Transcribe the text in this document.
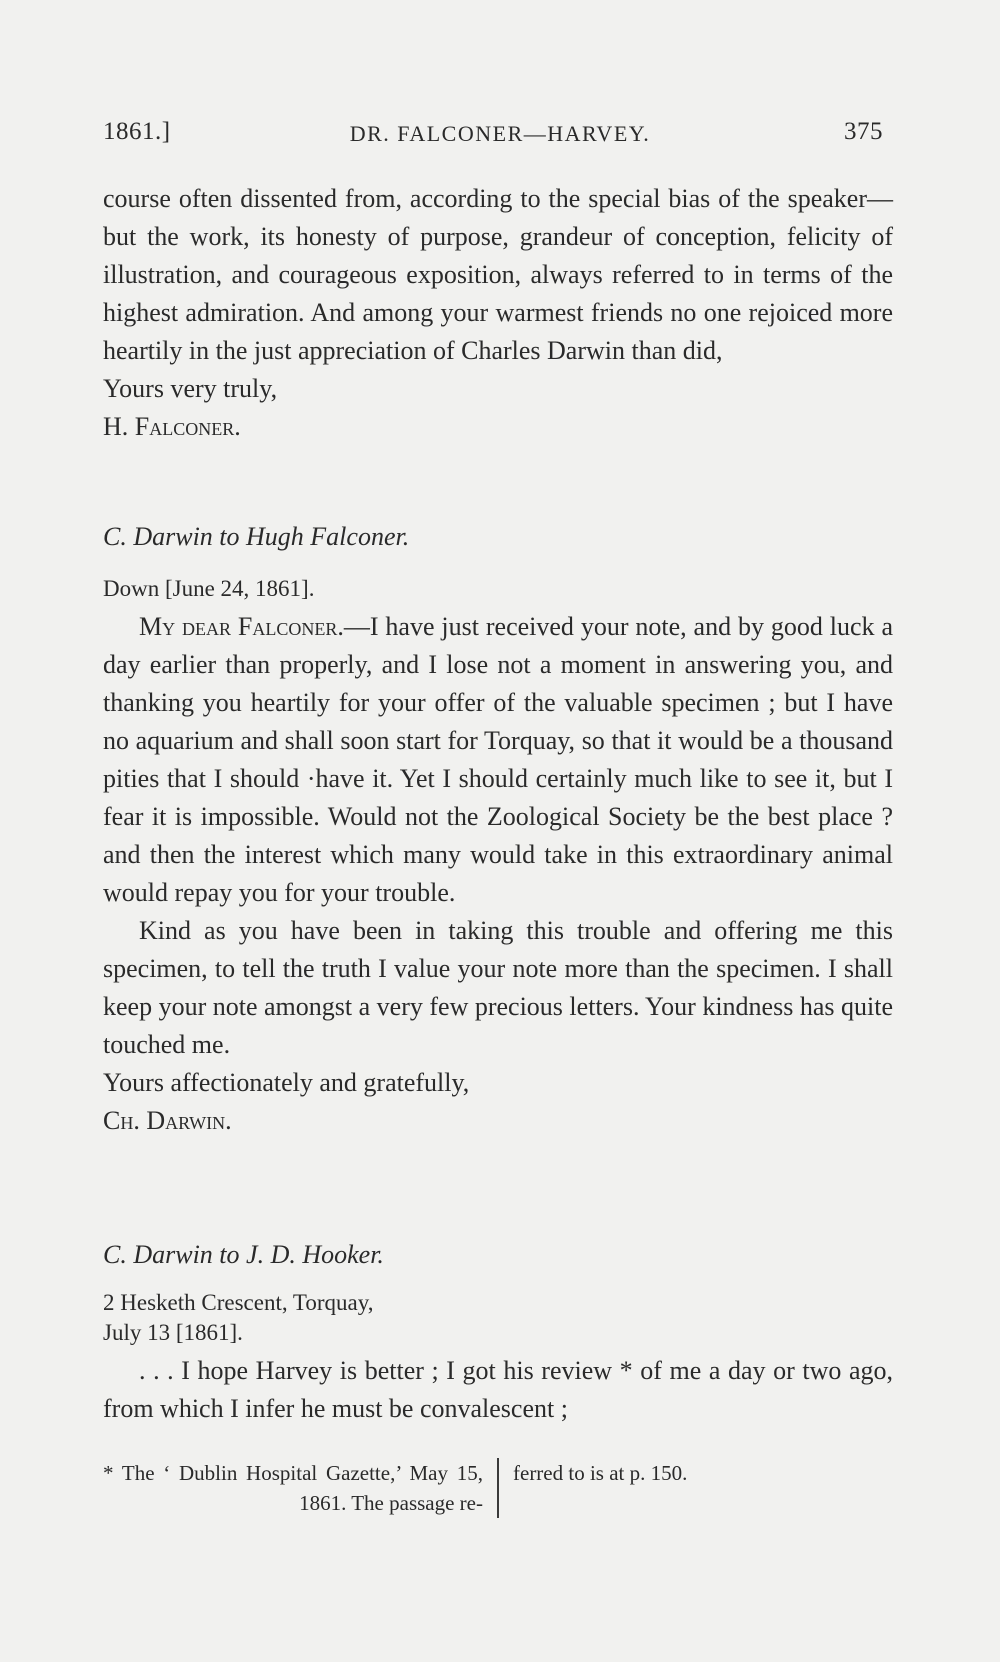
1861.]	DR. FALCONER—HARVEY.	375

course often dissented from, according to the special bias of the speaker—but the work, its honesty of purpose, grandeur of conception, felicity of illustration, and courageous exposition, always referred to in terms of the highest admiration. And among your warmest friends no one rejoiced more heartily in the just appreciation of Charles Darwin than did,

Yours very truly,

H. Falconer.

C. Darwin to Hugh Falconer.

Down [June 24, 1861].

My dear Falconer.—I have just received your note, and by good luck a day earlier than properly, and I lose not a moment in answering you, and thanking you heartily for your offer of the valuable specimen ; but I have no aquarium and shall soon start for Torquay, so that it would be a thousand pities that I should ·have it. Yet I should certainly much like to see it, but I fear it is impossible. Would not the Zoological Society be the best place ? and then the interest which many would take in this extraordinary animal would repay you for your trouble.

Kind as you have been in taking this trouble and offering me this specimen, to tell the truth I value your note more than the specimen. I shall keep your note amongst a very few precious letters. Your kindness has quite touched me.

Yours affectionately and gratefully,

Ch. Darwin.

C. Darwin to J. D. Hooker.

2 Hesketh Crescent, Torquay,

July 13 [1861].

. . . I hope Harvey is better ; I got his review * of me a day or two ago, from which I infer he must be convalescent ;

* The ‘ Dublin Hospital Gazette,’ May 15, 1861. The passage re-
ferred to is at p. 150.
